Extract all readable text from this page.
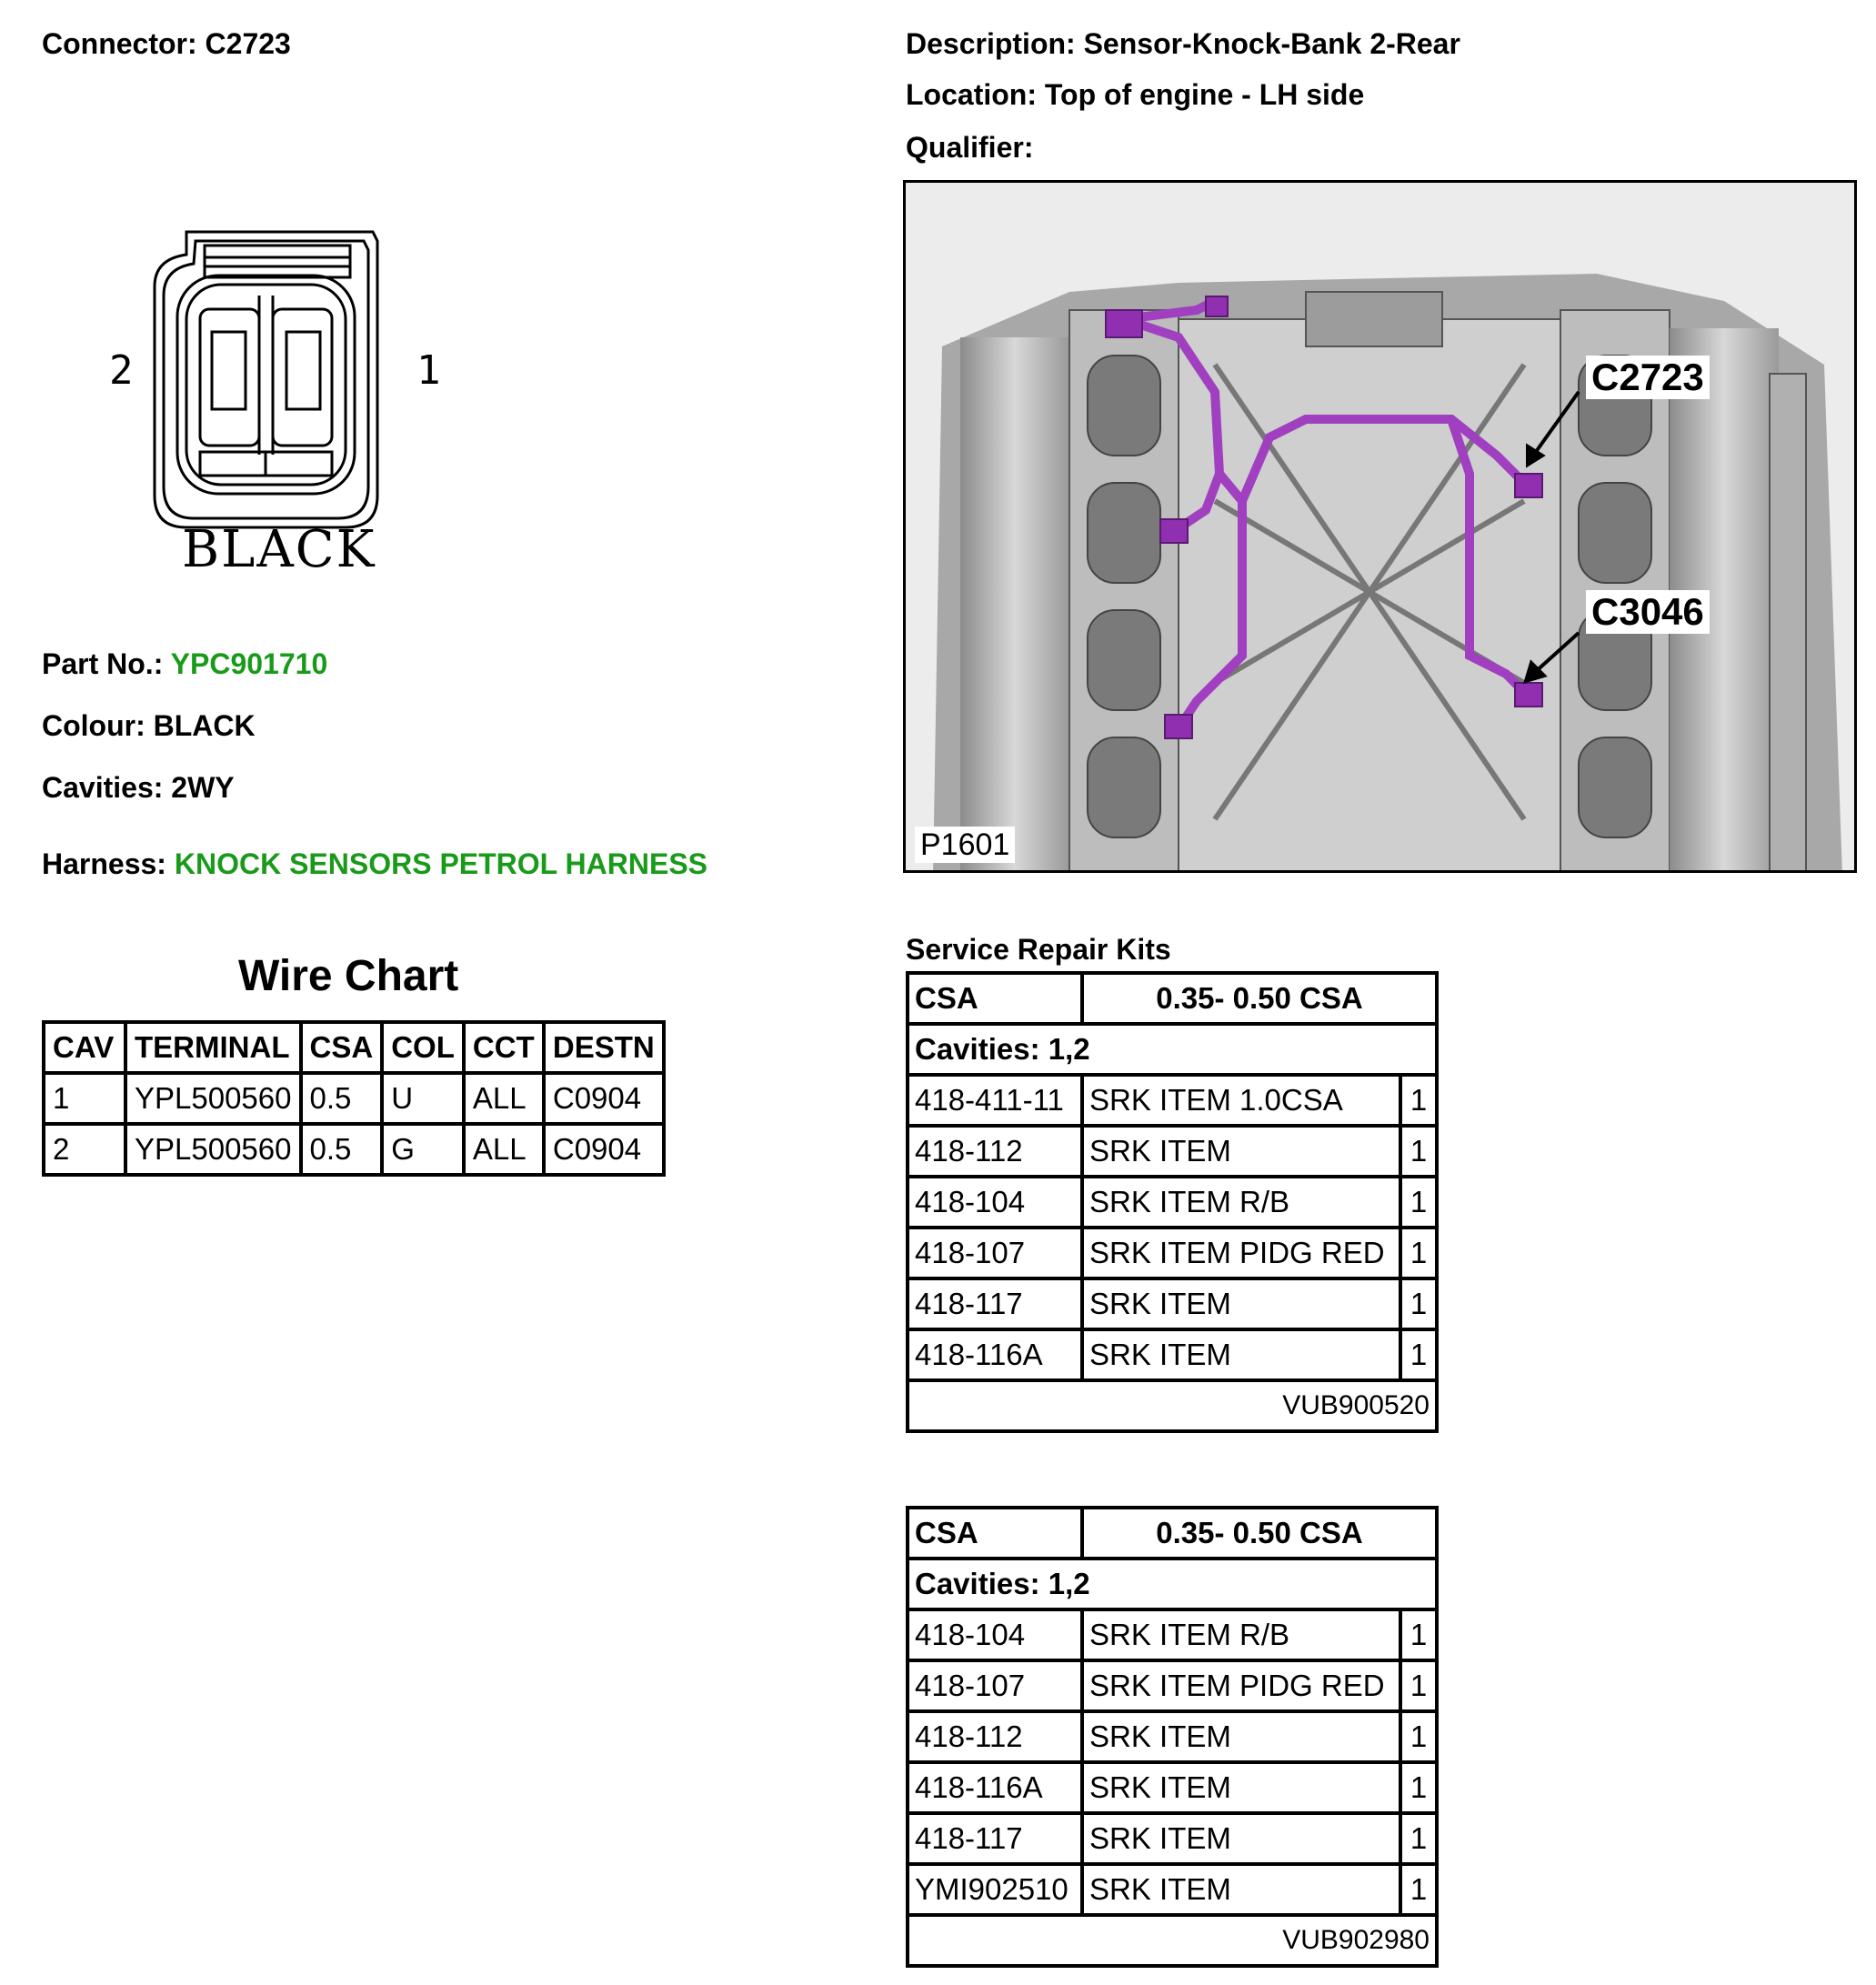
Connector: C2723	Description: Sensor-Knock-Bank 2-Rear
Location: Top of engine - LH side
Qualifier:
2	1
BLACK
Part No.: YPC901710
Colour: BLACK
Cavities: 2WY
Harness: KNOCK SENSORS PETROL HARNESS
Wire Chart
CAV	TERMINAL	CSA	COL	CCT	DESTN
1	YPL500560	0.5	U	ALL	C0904
2	YPL500560	0.5	G	ALL	C0904
C2723
C3046
P1601
Service Repair Kits
CSA	0.35- 0.50 CSA	
Cavities: 1,2		
418-411-11	SRK ITEM 1.0CSA	1
418-112	SRK ITEM	1
418-104	SRK ITEM R/B	1
418-107	SRK ITEM PIDG RED	1
418-117	SRK ITEM	1
418-116A	SRK ITEM	1
VUB900520		
CSA	0.35- 0.50 CSA	
Cavities: 1,2		
418-104	SRK ITEM R/B	1
418-107	SRK ITEM PIDG RED	1
418-112	SRK ITEM	1
418-116A	SRK ITEM	1
418-117	SRK ITEM	1
YMI902510	SRK ITEM	1
VUB902980		
